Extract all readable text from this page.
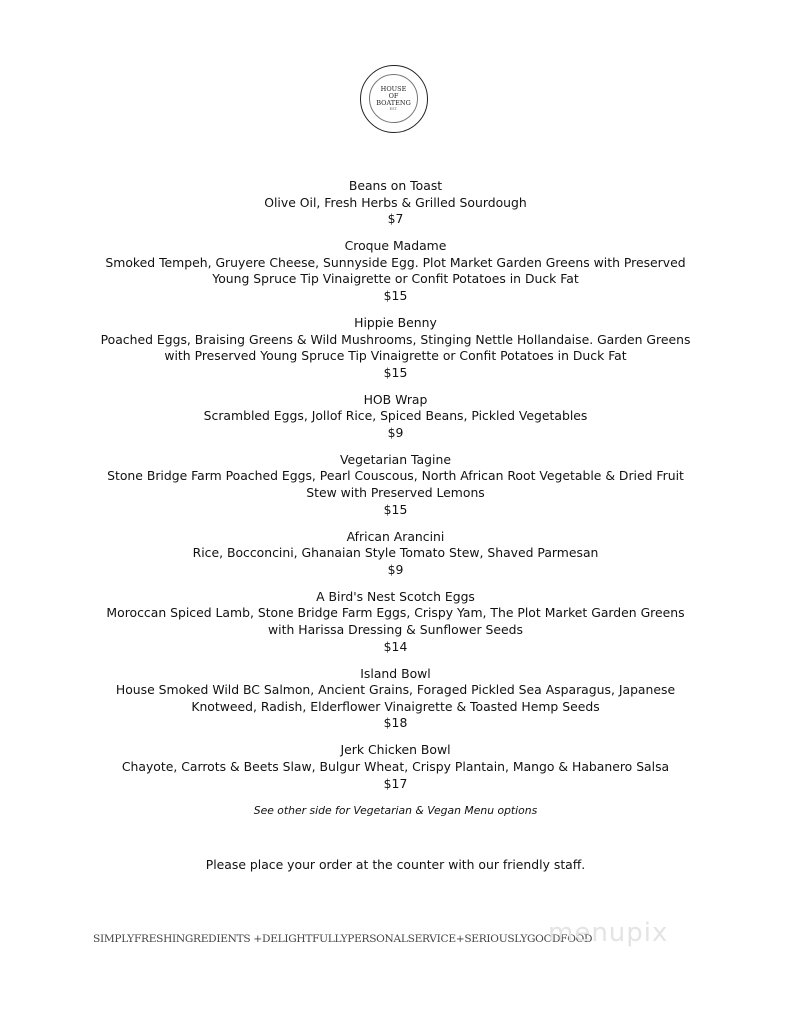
HOUSE
OF
BOATENG
EST.
Beans on Toast
Olive Oil, Fresh Herbs & Grilled Sourdough
$7
Croque Madame
Smoked Tempeh, Gruyere Cheese, Sunnyside Egg. Plot Market Garden Greens with Preserved
Young Spruce Tip Vinaigrette or Confit Potatoes in Duck Fat
$15
Hippie Benny
Poached Eggs, Braising Greens & Wild Mushrooms, Stinging Nettle Hollandaise. Garden Greens
with Preserved Young Spruce Tip Vinaigrette or Confit Potatoes in Duck Fat
$15
HOB Wrap
Scrambled Eggs, Jollof Rice, Spiced Beans, Pickled Vegetables
$9
Vegetarian Tagine
Stone Bridge Farm Poached Eggs, Pearl Couscous, North African Root Vegetable & Dried Fruit
Stew with Preserved Lemons
$15
African Arancini
Rice, Bocconcini, Ghanaian Style Tomato Stew, Shaved Parmesan
$9
A Bird's Nest Scotch Eggs
Moroccan Spiced Lamb, Stone Bridge Farm Eggs, Crispy Yam, The Plot Market Garden Greens
with Harissa Dressing & Sunflower Seeds
$14
Island Bowl
House Smoked Wild BC Salmon, Ancient Grains, Foraged Pickled Sea Asparagus, Japanese
Knotweed, Radish, Elderflower Vinaigrette & Toasted Hemp Seeds
$18
Jerk Chicken Bowl
Chayote, Carrots & Beets Slaw, Bulgur Wheat, Crispy Plantain, Mango & Habanero Salsa
$17
See other side for Vegetarian & Vegan Menu options
Please place your order at the counter with our friendly staff.
SIMPLYFRESHINGREDIENTS +DELIGHTFULLYPERSONALSERVICE+SERIOUSLYGOODFOOD
menupix
